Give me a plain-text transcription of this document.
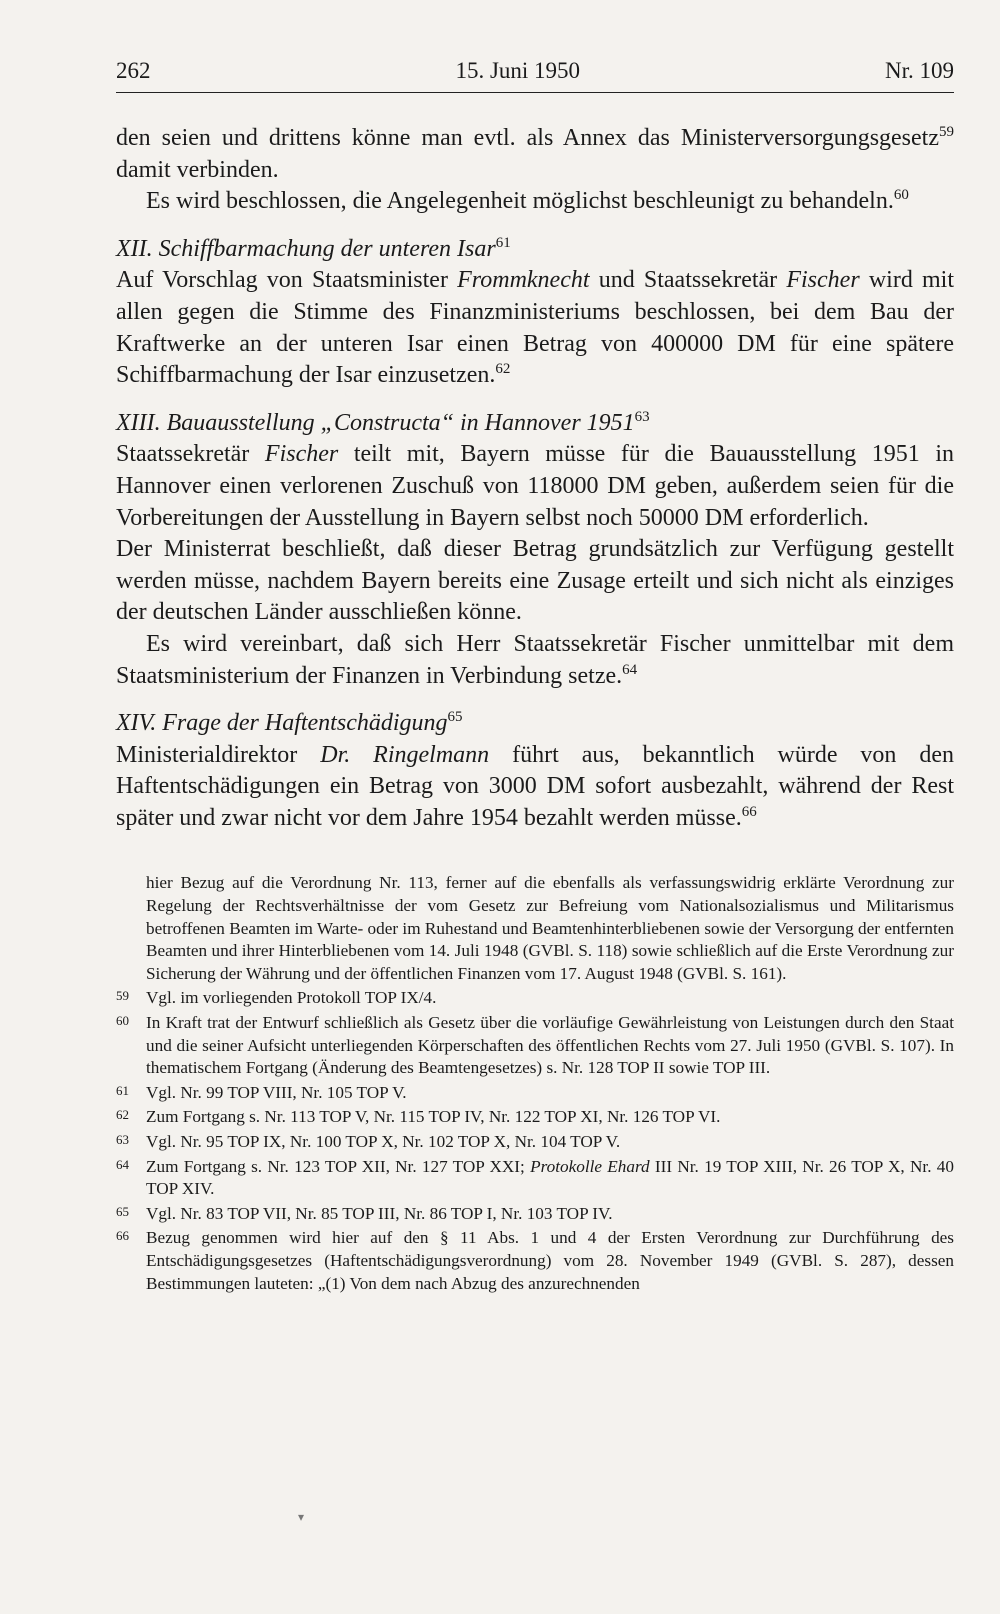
262	15. Juni 1950	Nr. 109

den seien und drittens könne man evtl. als Annex das Ministerversorgungsgesetz$^{59}$ damit verbinden.

Es wird beschlossen, die Angelegenheit möglichst beschleunigt zu behandeln.$^{60}$

XII. Schiffbarmachung der unteren Isar$^{61}$

Auf Vorschlag von Staatsminister Frommknecht und Staatssekretär Fischer wird mit allen gegen die Stimme des Finanzministeriums beschlossen, bei dem Bau der Kraftwerke an der unteren Isar einen Betrag von 400000 DM für eine spätere Schiffbarmachung der Isar einzusetzen.$^{62}$

XIII. Bauausstellung „Constructa“ in Hannover 1951$^{63}$

Staatssekretär Fischer teilt mit, Bayern müsse für die Bauausstellung 1951 in Hannover einen verlorenen Zuschuß von 118000 DM geben, außerdem seien für die Vorbereitungen der Ausstellung in Bayern selbst noch 50000 DM erforderlich.

Der Ministerrat beschließt, daß dieser Betrag grundsätzlich zur Verfügung gestellt werden müsse, nachdem Bayern bereits eine Zusage erteilt und sich nicht als einziges der deutschen Länder ausschließen könne.

Es wird vereinbart, daß sich Herr Staatssekretär Fischer unmittelbar mit dem Staatsministerium der Finanzen in Verbindung setze.$^{64}$

XIV. Frage der Haftentschädigung$^{65}$

Ministerialdirektor Dr. Ringelmann führt aus, bekanntlich würde von den Haftentschädigungen ein Betrag von 3000 DM sofort ausbezahlt, während der Rest später und zwar nicht vor dem Jahre 1954 bezahlt werden müsse.$^{66}$

hier Bezug auf die Verordnung Nr. 113, ferner auf die ebenfalls als verfassungswidrig erklärte Verordnung zur Regelung der Rechtsverhältnisse der vom Gesetz zur Befreiung vom Nationalsozialismus und Militarismus betroffenen Beamten im Warte- oder im Ruhestand und Beamtenhinterbliebenen sowie der Versorgung der entfernten Beamten und ihrer Hinterbliebenen vom 14. Juli 1948 (GVBl. S. 118) sowie schließlich auf die Erste Verordnung zur Sicherung der Währung und der öffentlichen Finanzen vom 17. August 1948 (GVBl. S. 161).
59 Vgl. im vorliegenden Protokoll TOP IX/4.
60 In Kraft trat der Entwurf schließlich als Gesetz über die vorläufige Gewährleistung von Leistungen durch den Staat und die seiner Aufsicht unterliegenden Körperschaften des öffentlichen Rechts vom 27. Juli 1950 (GVBl. S. 107). In thematischem Fortgang (Änderung des Beamtengesetzes) s. Nr. 128 TOP II sowie TOP III.
61 Vgl. Nr. 99 TOP VIII, Nr. 105 TOP V.
62 Zum Fortgang s. Nr. 113 TOP V, Nr. 115 TOP IV, Nr. 122 TOP XI, Nr. 126 TOP VI.
63 Vgl. Nr. 95 TOP IX, Nr. 100 TOP X, Nr. 102 TOP X, Nr. 104 TOP V.
64 Zum Fortgang s. Nr. 123 TOP XII, Nr. 127 TOP XXI; Protokolle Ehard III Nr. 19 TOP XIII, Nr. 26 TOP X, Nr. 40 TOP XIV.
65 Vgl. Nr. 83 TOP VII, Nr. 85 TOP III, Nr. 86 TOP I, Nr. 103 TOP IV.
66 Bezug genommen wird hier auf den § 11 Abs. 1 und 4 der Ersten Verordnung zur Durchführung des Entschädigungsgesetzes (Haftentschädigungsverordnung) vom 28. November 1949 (GVBl. S. 287), dessen Bestimmungen lauteten: „(1) Von dem nach Abzug des anzurechnenden
▾
